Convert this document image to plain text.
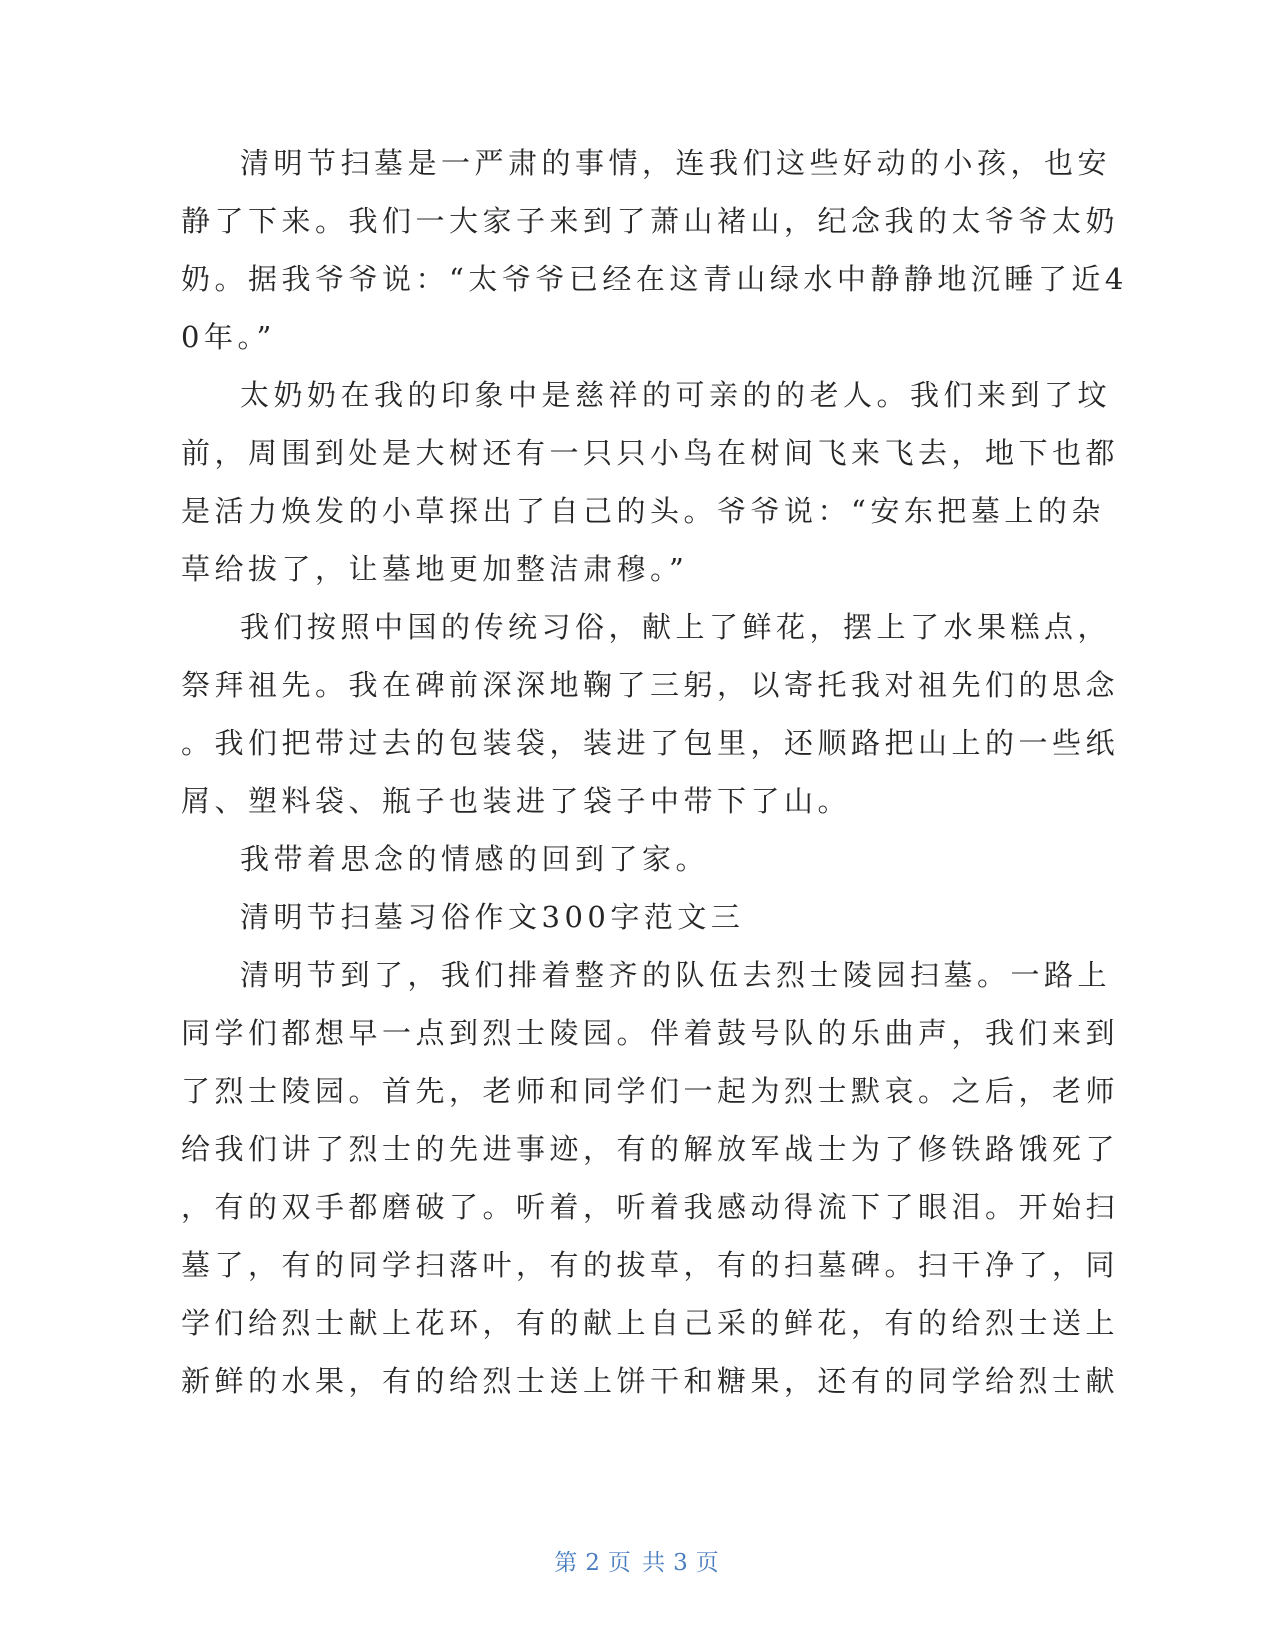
清明节扫墓是一严肃的事情，连我们这些好动的小孩，也安
静了下来。我们一大家子来到了萧山褚山，纪念我的太爷爷太奶
奶。据我爷爷说：“太爷爷已经在这青山绿水中静静地沉睡了近4
0年。”
太奶奶在我的印象中是慈祥的可亲的的老人。我们来到了坟
前，周围到处是大树还有一只只小鸟在树间飞来飞去，地下也都
是活力焕发的小草探出了自己的头。爷爷说：“安东把墓上的杂
草给拔了，让墓地更加整洁肃穆。”
我们按照中国的传统习俗，献上了鲜花，摆上了水果糕点，
祭拜祖先。我在碑前深深地鞠了三躬，以寄托我对祖先们的思念
。我们把带过去的包装袋，装进了包里，还顺路把山上的一些纸
屑、塑料袋、瓶子也装进了袋子中带下了山。
我带着思念的情感的回到了家。
清明节扫墓习俗作文300字范文三
清明节到了，我们排着整齐的队伍去烈士陵园扫墓。一路上
同学们都想早一点到烈士陵园。伴着鼓号队的乐曲声，我们来到
了烈士陵园。首先，老师和同学们一起为烈士默哀。之后，老师
给我们讲了烈士的先进事迹，有的解放军战士为了修铁路饿死了
，有的双手都磨破了。听着，听着我感动得流下了眼泪。开始扫
墓了，有的同学扫落叶，有的拔草，有的扫墓碑。扫干净了，同
学们给烈士献上花环，有的献上自己采的鲜花，有的给烈士送上
新鲜的水果，有的给烈士送上饼干和糖果，还有的同学给烈士献
第 2 页 共 3 页
